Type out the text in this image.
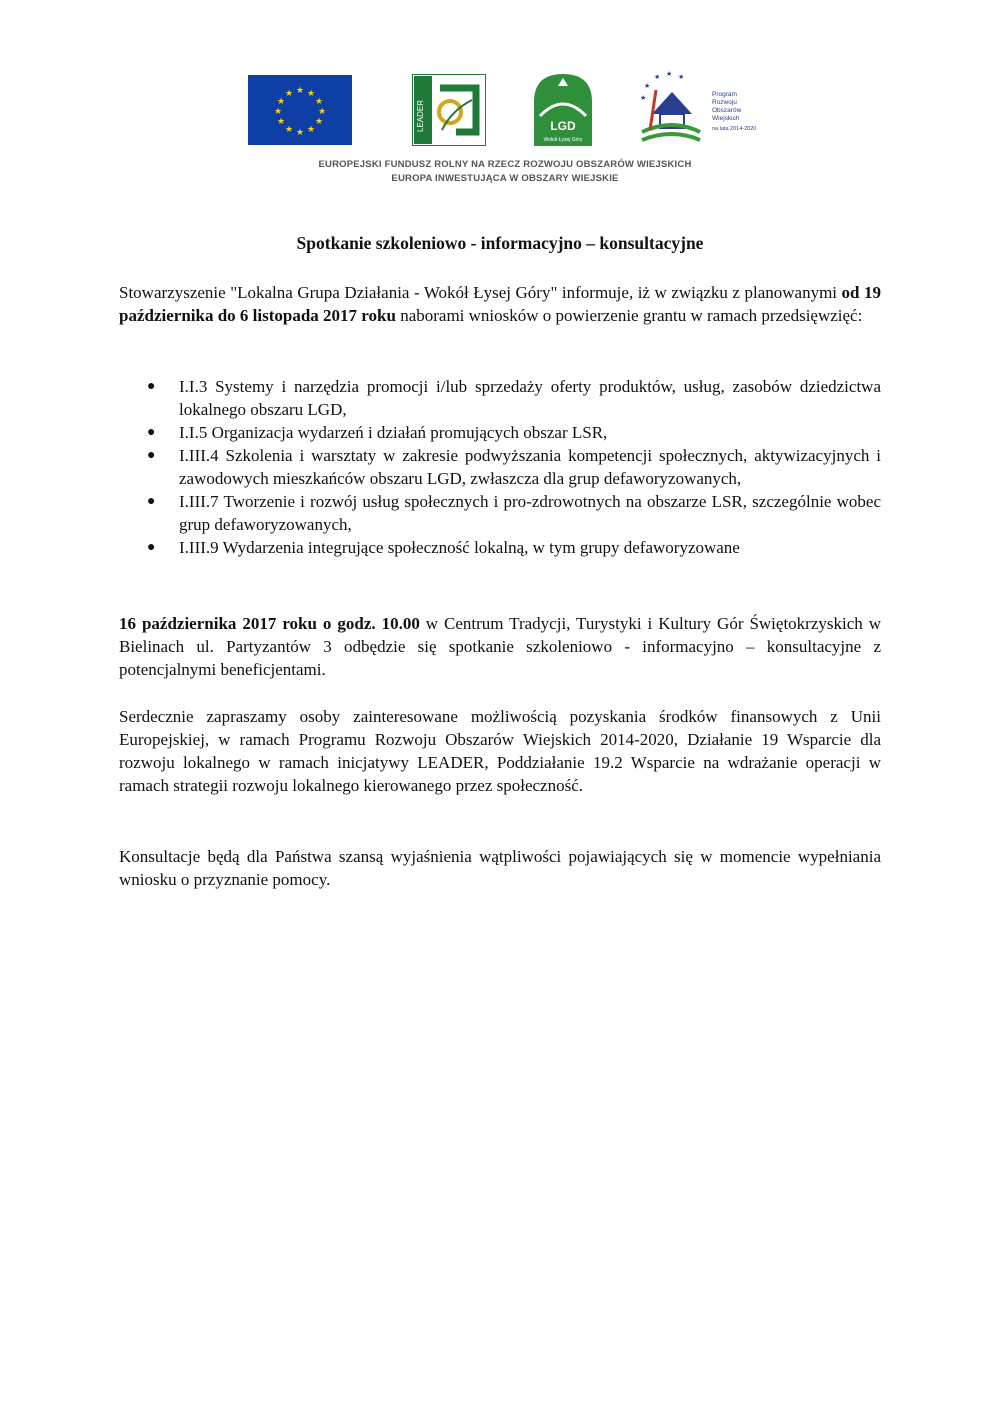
★ ★
★
★
★
★
★
★
★
★
★
★
LEADER	LGD
Wokół Łysej Góry
★
★
★ ★ ★
Program
Rozwoju
Obszarów
Wiejskich
na lata 2014-2020
EUROPEJSKI FUNDUSZ ROLNY NA RZECZ ROZWOJU OBSZARÓW WIEJSKICH
EUROPA INWESTUJĄCA W OBSZARY WIEJSKIE
Spotkanie szkoleniowo - informacyjno – konsultacyjne
Stowarzyszenie "Lokalna Grupa Działania - Wokół Łysej Góry" informuje, iż w związku z planowanymi od 19 października do 6 listopada 2017 roku naborami wniosków o powierzenie grantu w ramach przedsięwzięć:
● I.I.3 Systemy i narzędzia promocji i/lub sprzedaży oferty produktów, usług, zasobów dziedzictwa lokalnego obszaru LGD,
● I.I.5 Organizacja wydarzeń i działań promujących obszar LSR,
● I.III.4 Szkolenia i warsztaty w zakresie podwyższania kompetencji społecznych, aktywizacyjnych i zawodowych mieszkańców obszaru LGD, zwłaszcza dla grup defaworyzowanych,
● I.III.7 Tworzenie i rozwój usług społecznych i pro-zdrowotnych na obszarze LSR, szczególnie wobec grup defaworyzowanych,
● I.III.9 Wydarzenia integrujące społeczność lokalną, w tym grupy defaworyzowane
16 października 2017 roku o godz. 10.00 w Centrum Tradycji, Turystyki i Kultury Gór Świętokrzyskich w Bielinach ul. Partyzantów 3 odbędzie się spotkanie szkoleniowo - informacyjno – konsultacyjne z potencjalnymi beneficjentami.
Serdecznie zapraszamy osoby zainteresowane możliwością pozyskania środków finansowych z Unii Europejskiej, w ramach Programu Rozwoju Obszarów Wiejskich 2014-2020, Działanie 19 Wsparcie dla rozwoju lokalnego w ramach inicjatywy LEADER, Poddziałanie 19.2 Wsparcie na wdrażanie operacji w ramach strategii rozwoju lokalnego kierowanego przez społeczność.
Konsultacje będą dla Państwa szansą wyjaśnienia wątpliwości pojawiających się w momencie wypełniania wniosku o przyznanie pomocy.
